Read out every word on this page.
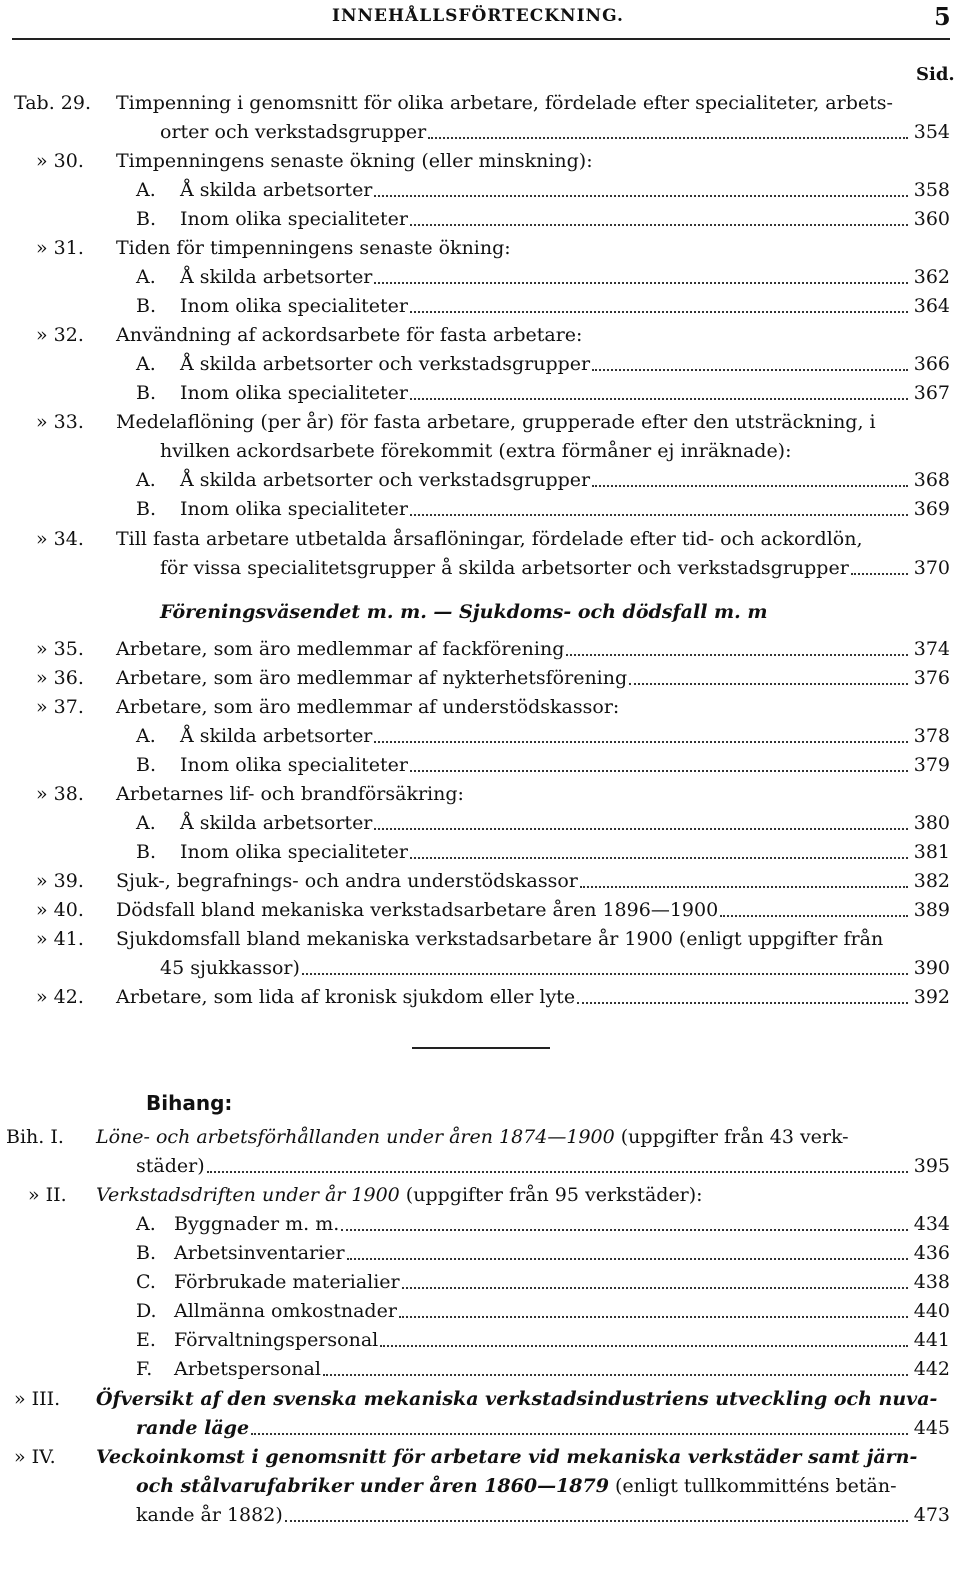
INNEHÅLLSFÖRTECKNING.	5
Sid.
Tab. 29. Timpenning i genomsnitt för olika arbetare, fördelade efter specialiteter, arbets-
orter och verkstadsgrupper	354
» 30. Timpenningens senaste ökning (eller minskning):
A. Å skilda arbetsorter	358
B. Inom olika specialiteter	360
» 31. Tiden för timpenningens senaste ökning:
A. Å skilda arbetsorter	362
B. Inom olika specialiteter	364
» 32. Användning af ackordsarbete för fasta arbetare:
A. Å skilda arbetsorter och verkstadsgrupper	366
B. Inom olika specialiteter	367
» 33. Medelaflöning (per år) för fasta arbetare, grupperade efter den utsträckning, i
hvilken ackordsarbete förekommit (extra förmåner ej inräknade):
A. Å skilda arbetsorter och verkstadsgrupper	368
B. Inom olika specialiteter	369
» 34. Till fasta arbetare utbetalda årsaflöningar, fördelade efter tid- och ackordlön,
för vissa specialitetsgrupper å skilda arbetsorter och verkstadsgrupper	370
Föreningsväsendet m. m. — Sjukdoms- och dödsfall m. m
» 35. Arbetare, som äro medlemmar af fackförening	374
» 36. Arbetare, som äro medlemmar af nykterhetsförening	376
» 37. Arbetare, som äro medlemmar af understödskassor:
A. Å skilda arbetsorter	378
B. Inom olika specialiteter	379
» 38. Arbetarnes lif- och brandförsäkring:
A. Å skilda arbetsorter	380
B. Inom olika specialiteter	381
» 39. Sjuk-, begrafnings- och andra understödskassor	382
» 40. Dödsfall bland mekaniska verkstadsarbetare åren 1896—1900	389
» 41. Sjukdomsfall bland mekaniska verkstadsarbetare år 1900 (enligt uppgifter från
45 sjukkassor)	390
» 42. Arbetare, som lida af kronisk sjukdom eller lyte	392
Bihang:
Bih. I. Löne- och arbetsförhållanden under åren 1874—1900 (uppgifter från 43 verk-
städer)	395
» II. Verkstadsdriften under år 1900 (uppgifter från 95 verkstäder):
A. Byggnader m. m.	434
B. Arbetsinventarier	436
C. Förbrukade materialier	438
D. Allmänna omkostnader	440
E. Förvaltningspersonal	441
F. Arbetspersonal	442
» III. Öfversikt af den svenska mekaniska verkstadsindustriens utveckling och nuva-
rande läge	445
» IV. Veckoinkomst i genomsnitt för arbetare vid mekaniska verkstäder samt järn-
och stålvarufabriker under åren 1860—1879 (enligt tullkommitténs betän-
kande år 1882)	473
